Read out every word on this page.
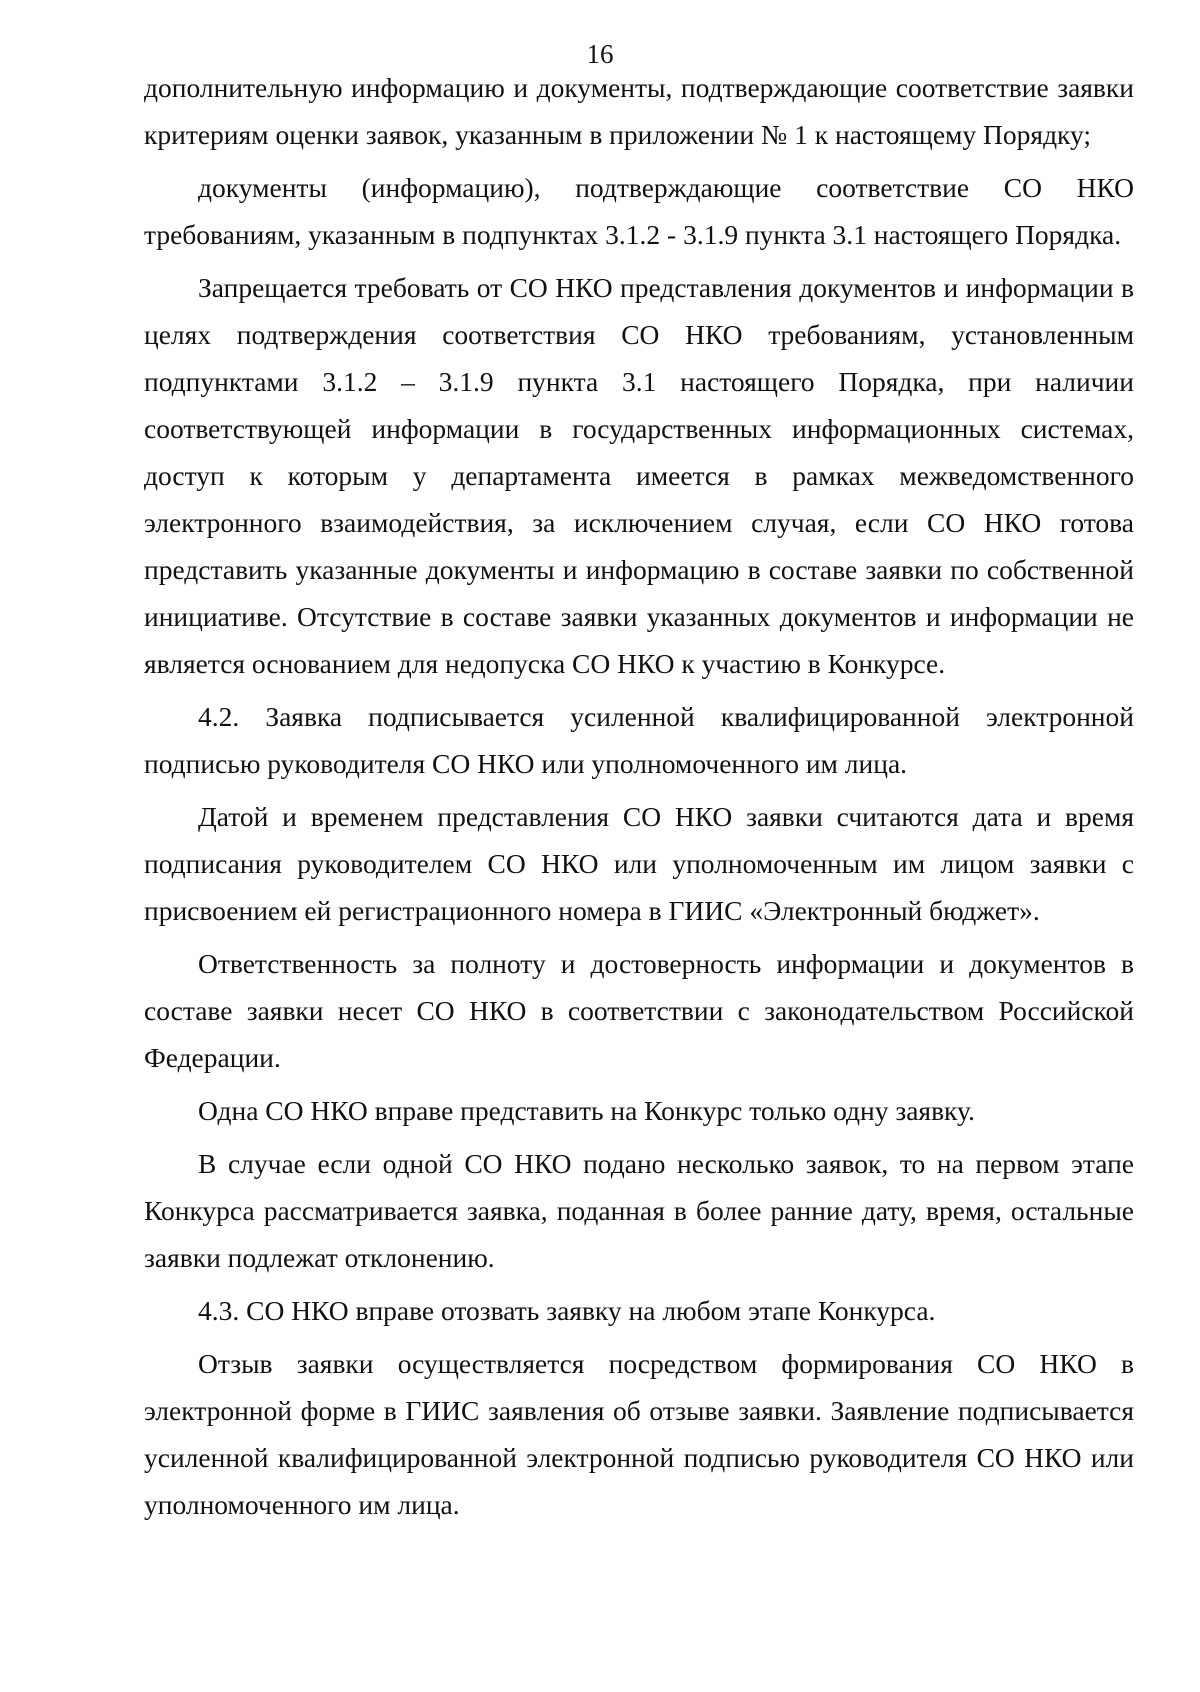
16

дополнительную информацию и документы, подтверждающие соответствие заявки критериям оценки заявок, указанным в приложении № 1 к настоящему Порядку;

документы (информацию), подтверждающие соответствие СО НКО требованиям, указанным в подпунктах 3.1.2 - 3.1.9 пункта 3.1 настоящего Порядка.

Запрещается требовать от СО НКО представления документов и информации в целях подтверждения соответствия СО НКО требованиям, установленным подпунктами 3.1.2 – 3.1.9 пункта 3.1 настоящего Порядка, при наличии соответствующей информации в государственных информационных системах, доступ к которым у департамента имеется в рамках межведомственного электронного взаимодействия, за исключением случая, если СО НКО готова представить указанные документы и информацию в составе заявки по собственной инициативе. Отсутствие в составе заявки указанных документов и информации не является основанием для недопуска СО НКО к участию в Конкурсе.

4.2. Заявка подписывается усиленной квалифицированной электронной подписью руководителя СО НКО или уполномоченного им лица.

Датой и временем представления СО НКО заявки считаются дата и время подписания руководителем СО НКО или уполномоченным им лицом заявки с присвоением ей регистрационного номера в ГИИС «Электронный бюджет».

Ответственность за полноту и достоверность информации и документов в составе заявки несет СО НКО в соответствии с законодательством Российской Федерации.

Одна СО НКО вправе представить на Конкурс только одну заявку.

В случае если одной СО НКО подано несколько заявок, то на первом этапе Конкурса рассматривается заявка, поданная в более ранние дату, время, остальные заявки подлежат отклонению.

4.3. СО НКО вправе отозвать заявку на любом этапе Конкурса.

Отзыв заявки осуществляется посредством формирования СО НКО в электронной форме в ГИИС заявления об отзыве заявки. Заявление подписывается усиленной квалифицированной электронной подписью руководителя СО НКО или уполномоченного им лица.
